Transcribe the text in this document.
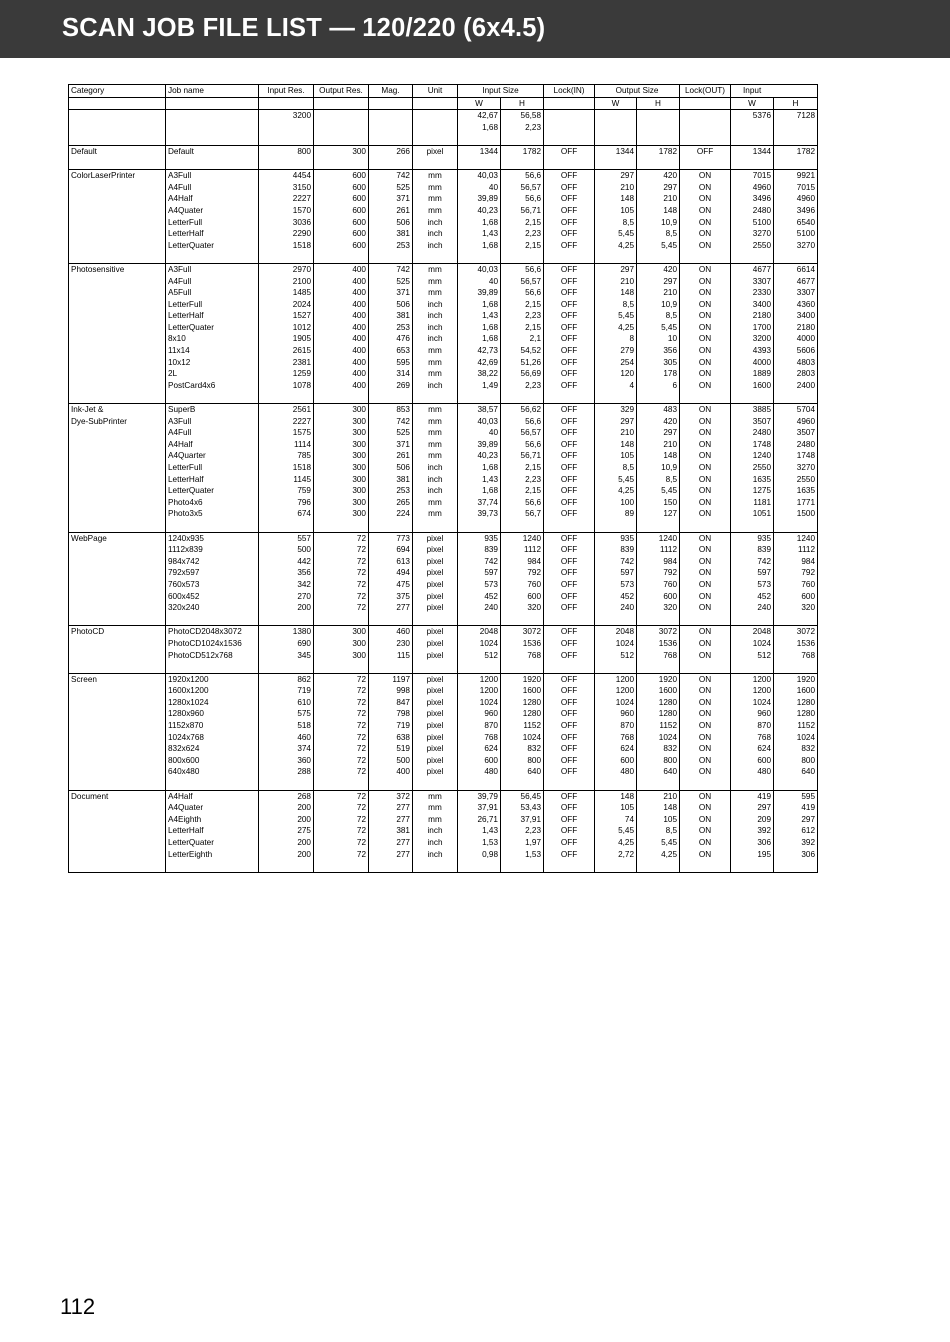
SCAN JOB FILE LIST — 120/220 (6x4.5)
Category	Job name	Input Res.	Output Res.	Mag.	Unit	Input Size		Lock(IN)	Output Size		Lock(OUT)	Input	
						W	H		W	H		W	H
		3200				42,67	56,58					5376	7128
						1,68	2,23						

Default	Default	800	300	266	pixel	1344	1782	OFF	1344	1782	OFF	1344	1782

ColorLaserPrinter	A3Full	4454	600	742	mm	40,03	56,6	OFF	297	420	ON	7015	9921
	A4Full	3150	600	525	mm	40	56,57	OFF	210	297	ON	4960	7015
	A4Half	2227	600	371	mm	39,89	56,6	OFF	148	210	ON	3496	4960
	A4Quater	1570	600	261	mm	40,23	56,71	OFF	105	148	ON	2480	3496
	LetterFull	3036	600	506	inch	1,68	2,15	OFF	8,5	10,9	ON	5100	6540
	LetterHalf	2290	600	381	inch	1,43	2,23	OFF	5,45	8,5	ON	3270	5100
	LetterQuater	1518	600	253	inch	1,68	2,15	OFF	4,25	5,45	ON	2550	3270

Photosensitive	A3Full	2970	400	742	mm	40,03	56,6	OFF	297	420	ON	4677	6614
	A4Full	2100	400	525	mm	40	56,57	OFF	210	297	ON	3307	4677
	A5Full	1485	400	371	mm	39,89	56,6	OFF	148	210	ON	2330	3307
	LetterFull	2024	400	506	inch	1,68	2,15	OFF	8,5	10,9	ON	3400	4360
	LetterHalf	1527	400	381	inch	1,43	2,23	OFF	5,45	8,5	ON	2180	3400
	LetterQuater	1012	400	253	inch	1,68	2,15	OFF	4,25	5,45	ON	1700	2180
	8x10	1905	400	476	inch	1,68	2,1	OFF	8	10	ON	3200	4000
	11x14	2615	400	653	mm	42,73	54,52	OFF	279	356	ON	4393	5606
	10x12	2381	400	595	mm	42,69	51,26	OFF	254	305	ON	4000	4803
	2L	1259	400	314	mm	38,22	56,69	OFF	120	178	ON	1889	2803
	PostCard4x6	1078	400	269	inch	1,49	2,23	OFF	4	6	ON	1600	2400

Ink-Jet &	SuperB	2561	300	853	mm	38,57	56,62	OFF	329	483	ON	3885	5704
Dye-SubPrinter	A3Full	2227	300	742	mm	40,03	56,6	OFF	297	420	ON	3507	4960
	A4Full	1575	300	525	mm	40	56,57	OFF	210	297	ON	2480	3507
	A4Half	1114	300	371	mm	39,89	56,6	OFF	148	210	ON	1748	2480
	A4Quarter	785	300	261	mm	40,23	56,71	OFF	105	148	ON	1240	1748
	LetterFull	1518	300	506	inch	1,68	2,15	OFF	8,5	10,9	ON	2550	3270
	LetterHalf	1145	300	381	inch	1,43	2,23	OFF	5,45	8,5	ON	1635	2550
	LetterQuater	759	300	253	inch	1,68	2,15	OFF	4,25	5,45	ON	1275	1635
	Photo4x6	796	300	265	mm	37,74	56,6	OFF	100	150	ON	1181	1771
	Photo3x5	674	300	224	mm	39,73	56,7	OFF	89	127	ON	1051	1500

WebPage	1240x935	557	72	773	pixel	935	1240	OFF	935	1240	ON	935	1240
	1112x839	500	72	694	pixel	839	1112	OFF	839	1112	ON	839	1112
	984x742	442	72	613	pixel	742	984	OFF	742	984	ON	742	984
	792x597	356	72	494	pixel	597	792	OFF	597	792	ON	597	792
	760x573	342	72	475	pixel	573	760	OFF	573	760	ON	573	760
	600x452	270	72	375	pixel	452	600	OFF	452	600	ON	452	600
	320x240	200	72	277	pixel	240	320	OFF	240	320	ON	240	320

PhotoCD	PhotoCD2048x3072	1380	300	460	pixel	2048	3072	OFF	2048	3072	ON	2048	3072
	PhotoCD1024x1536	690	300	230	pixel	1024	1536	OFF	1024	1536	ON	1024	1536
	PhotoCD512x768	345	300	115	pixel	512	768	OFF	512	768	ON	512	768

Screen	1920x1200	862	72	1197	pixel	1200	1920	OFF	1200	1920	ON	1200	1920
	1600x1200	719	72	998	pixel	1200	1600	OFF	1200	1600	ON	1200	1600
	1280x1024	610	72	847	pixel	1024	1280	OFF	1024	1280	ON	1024	1280
	1280x960	575	72	798	pixel	960	1280	OFF	960	1280	ON	960	1280
	1152x870	518	72	719	pixel	870	1152	OFF	870	1152	ON	870	1152
	1024x768	460	72	638	pixel	768	1024	OFF	768	1024	ON	768	1024
	832x624	374	72	519	pixel	624	832	OFF	624	832	ON	624	832
	800x600	360	72	500	pixel	600	800	OFF	600	800	ON	600	800
	640x480	288	72	400	pixel	480	640	OFF	480	640	ON	480	640

Document	A4Half	268	72	372	mm	39,79	56,45	OFF	148	210	ON	419	595
	A4Quater	200	72	277	mm	37,91	53,43	OFF	105	148	ON	297	419
	A4Eighth	200	72	277	mm	26,71	37,91	OFF	74	105	ON	209	297
	LetterHalf	275	72	381	inch	1,43	2,23	OFF	5,45	8,5	ON	392	612
	LetterQuater	200	72	277	inch	1,53	1,97	OFF	4,25	5,45	ON	306	392
	LetterEighth	200	72	277	inch	0,98	1,53	OFF	2,72	4,25	ON	195	306

112
